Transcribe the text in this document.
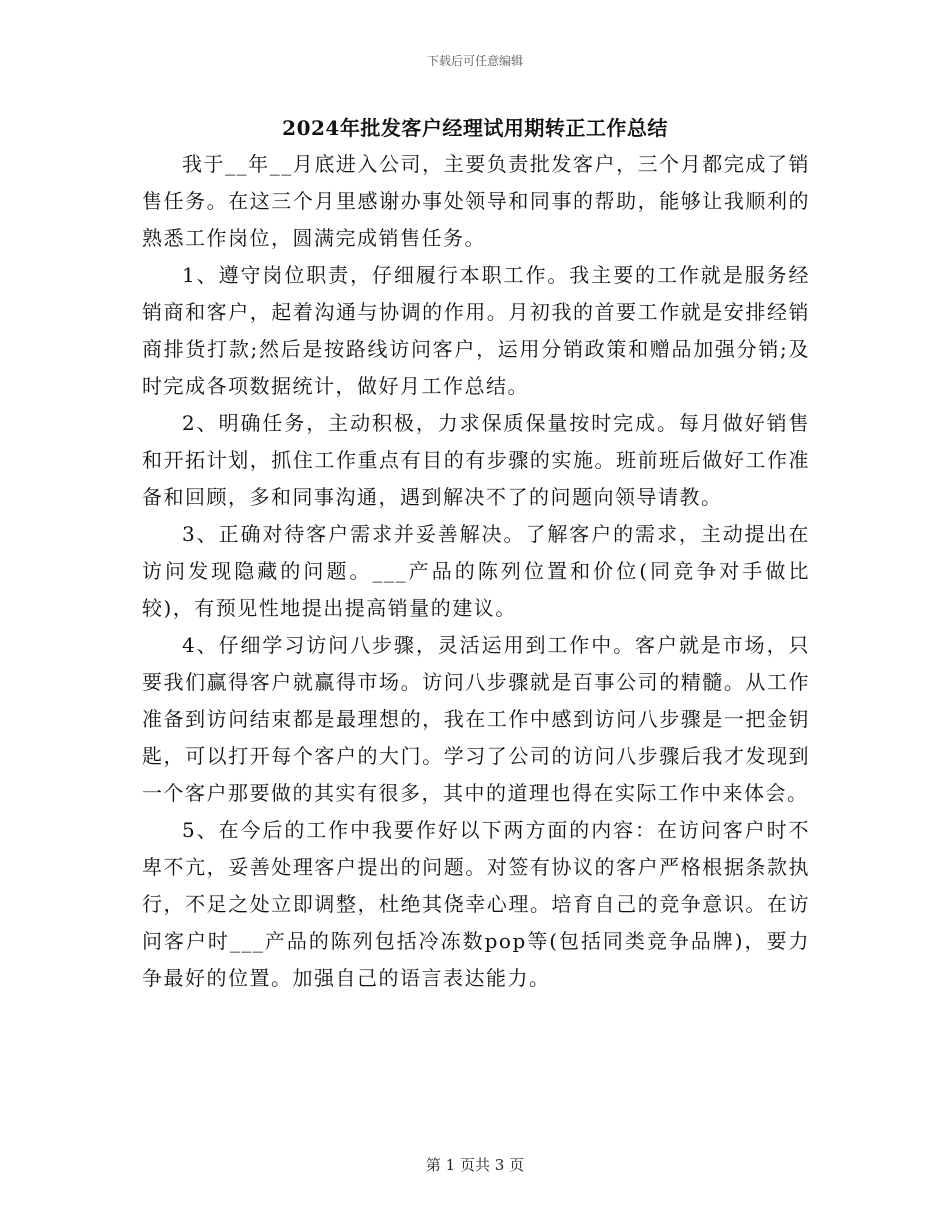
下载后可任意编辑
2024年批发客户经理试用期转正工作总结

我于__年__月底进入公司，主要负责批发客户，三个月都完成了销售任务。在这三个月里感谢办事处领导和同事的帮助，能够让我顺利的熟悉工作岗位，圆满完成销售任务。

1、遵守岗位职责，仔细履行本职工作。我主要的工作就是服务经销商和客户，起着沟通与协调的作用。月初我的首要工作就是安排经销商排货打款;然后是按路线访问客户，运用分销政策和赠品加强分销;及时完成各项数据统计，做好月工作总结。

2、明确任务，主动积极，力求保质保量按时完成。每月做好销售和开拓计划，抓住工作重点有目的有步骤的实施。班前班后做好工作准备和回顾，多和同事沟通，遇到解决不了的问题向领导请教。

3、正确对待客户需求并妥善解决。了解客户的需求，主动提出在访问发现隐藏的问题。___产品的陈列位置和价位(同竞争对手做比较)，有预见性地提出提高销量的建议。

4、仔细学习访问八步骤，灵活运用到工作中。客户就是市场，只要我们赢得客户就赢得市场。访问八步骤就是百事公司的精髓。从工作准备到访问结束都是最理想的，我在工作中感到访问八步骤是一把金钥匙，可以打开每个客户的大门。学习了公司的访问八步骤后我才发现到一个客户那要做的其实有很多，其中的道理也得在实际工作中来体会。

5、在今后的工作中我要作好以下两方面的内容：在访问客户时不卑不亢，妥善处理客户提出的问题。对签有协议的客户严格根据条款执行，不足之处立即调整，杜绝其侥幸心理。培育自己的竞争意识。在访问客户时___产品的陈列包括冷冻数pop等(包括同类竞争品牌)，要力争最好的位置。加强自己的语言表达能力。

第 1 页共 3 页
